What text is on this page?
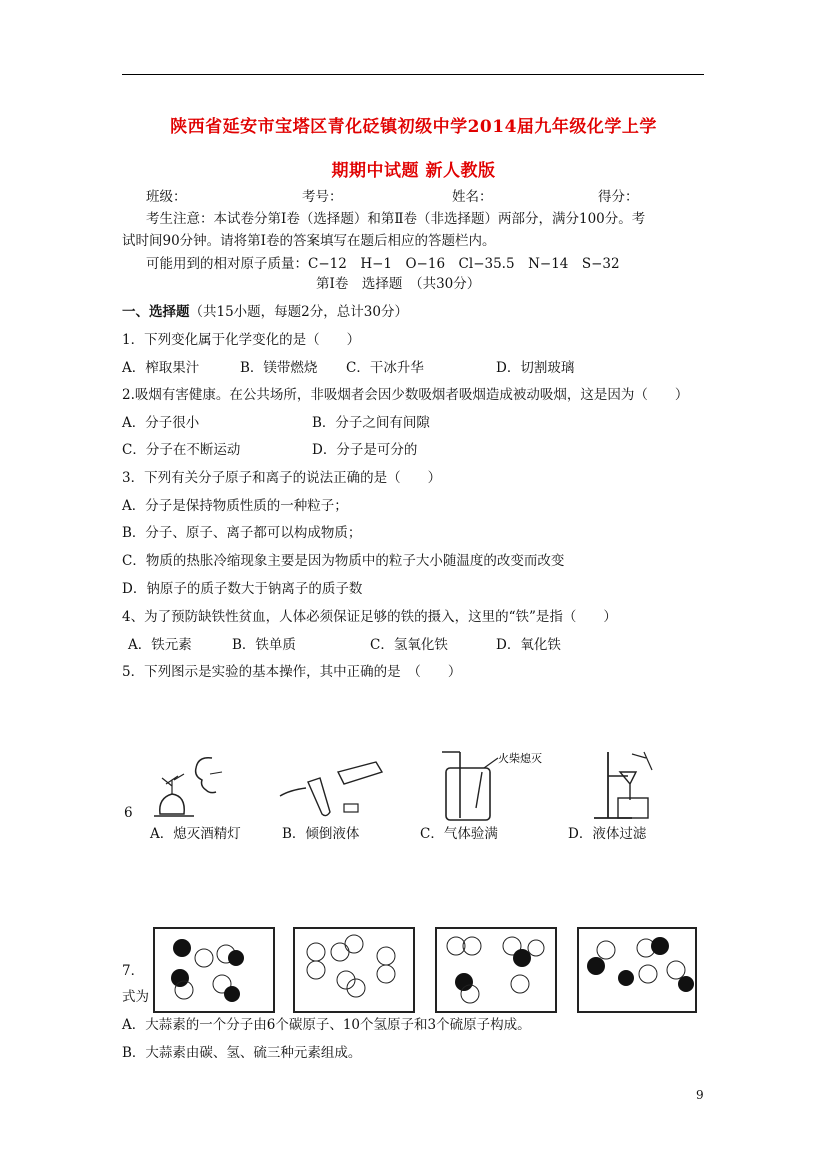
陕西省延安市宝塔区青化砭镇初级中学2014届九年级化学上学
期期中试题 新人教版
班级：	考号：	姓名：	得分：
考生注意：本试卷分第Ⅰ卷（选择题）和第Ⅱ卷（非选择题）两部分，满分100分。考
试时间90分钟。请将第Ⅰ卷的答案填写在题后相应的答题栏内。
可能用到的相对原子质量：C−12　H−1　O−16　Cl−35.5　N−14　S−32
第Ⅰ卷　选择题　（共30分）
一、选择题（共15小题，每题2分，总计30分）
1．下列变化属于化学变化的是（　　）
A．榨取果汁	B．镁带燃烧 C．干冰升华	D．切割玻璃
2.吸烟有害健康。在公共场所，非吸烟者会因少数吸烟者吸烟造成被动吸烟，这是因为（　　）
A．分子很小	B．分子之间有间隙
C．分子在不断运动	D．分子是可分的
3．下列有关分子原子和离子的说法正确的是（　　）
A．分子是保持物质性质的一种粒子；
B．分子、原子、离子都可以构成物质；
C．物质的热胀冷缩现象主要是因为物质中的粒子大小随温度的改变而改变
D．钠原子的质子数大于钠离子的质子数
4、为了预防缺铁性贫血，人体必须保证足够的铁的摄入，这里的“铁”是指（　　）
A．铁元素	B．铁单质	C．氢氧化铁	D．氧化铁
5．下列图示是实验的基本操作，其中正确的是　（　　）
火柴熄灭
6
A．熄灭酒精灯	B．倾倒液体	C．气体验满	D．液体过滤
7．
式为
A．大蒜素的一个分子由6个碳原子、10个氢原子和3个硫原子构成。
B．大蒜素由碳、氢、硫三种元素组成。
9
